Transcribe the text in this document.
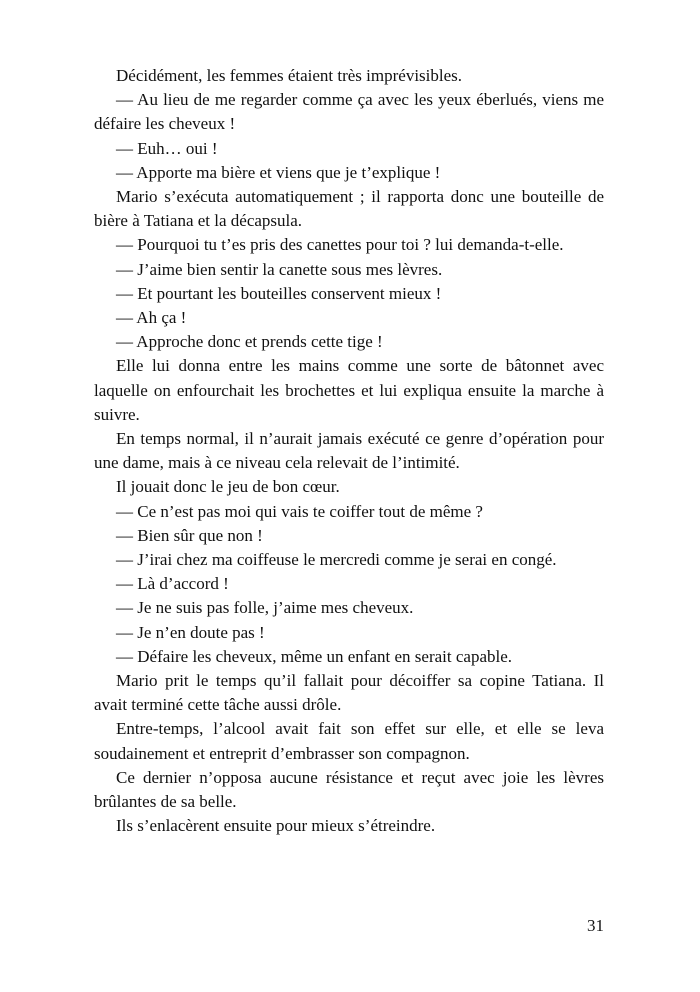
Décidément, les femmes étaient très imprévisibles.

— Au lieu de me regarder comme ça avec les yeux éberlués, viens me défaire les cheveux !

— Euh… oui !

— Apporte ma bière et viens que je t’explique !

Mario s’exécuta automatiquement ; il rapporta donc une bouteille de bière à Tatiana et la décapsula.

— Pourquoi tu t’es pris des canettes pour toi ? lui demanda-t-elle.

— J’aime bien sentir la canette sous mes lèvres.

— Et pourtant les bouteilles conservent mieux !

— Ah ça !

— Approche donc et prends cette tige !

Elle lui donna entre les mains comme une sorte de bâtonnet avec laquelle on enfourchait les brochettes et lui expliqua ensuite la marche à suivre.

En temps normal, il n’aurait jamais exécuté ce genre d’opération pour une dame, mais à ce niveau cela relevait de l’intimité.

Il jouait donc le jeu de bon cœur.

— Ce n’est pas moi qui vais te coiffer tout de même ?

— Bien sûr que non !

— J’irai chez ma coiffeuse le mercredi comme je serai en congé.

— Là d’accord !

— Je ne suis pas folle, j’aime mes cheveux.

— Je n’en doute pas !

— Défaire les cheveux, même un enfant en serait capable.

Mario prit le temps qu’il fallait pour décoiffer sa copine Tatiana. Il avait terminé cette tâche aussi drôle.

Entre-temps, l’alcool avait fait son effet sur elle, et elle se leva soudainement et entreprit d’embrasser son compagnon.

Ce dernier n’opposa aucune résistance et reçut avec joie les lèvres brûlantes de sa belle.

Ils s’enlacèrent ensuite pour mieux s’étreindre.

31
